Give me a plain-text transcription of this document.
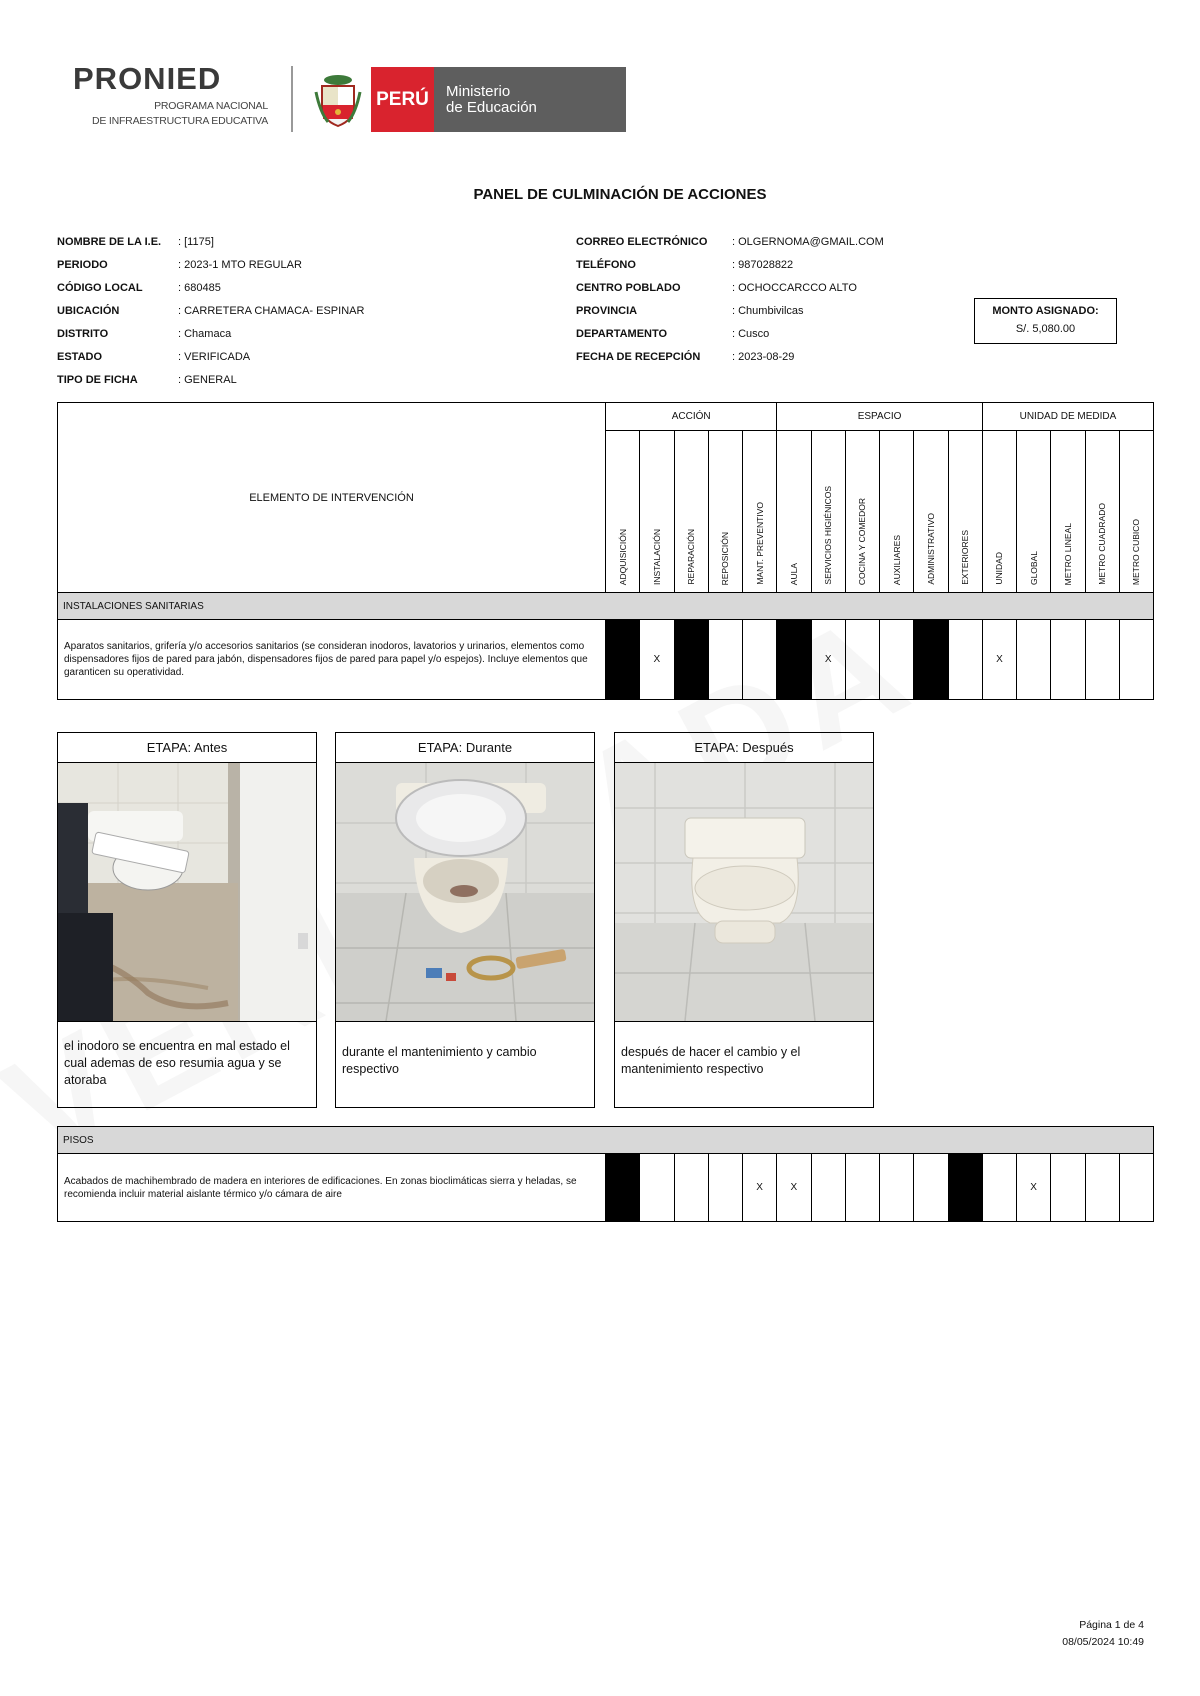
PRONIED
PROGRAMA NACIONAL
DE INFRAESTRUCTURA EDUCATIVA
PERÚ	Ministerio
de Educación
PANEL DE CULMINACIÓN DE ACCIONES
NOMBRE DE LA I.E. : [1175]
PERIODO	: 2023-1 MTO REGULAR
CÓDIGO LOCAL	: 680485
UBICACIÓN	: CARRETERA CHAMACA- ESPINAR
DISTRITO	: Chamaca
ESTADO	: VERIFICADA
TIPO DE FICHA	: GENERAL
CORREO ELECTRÓNICO : OLGERNOMA@GMAIL.COM
TELÉFONO	: 987028822
CENTRO POBLADO	: OCHOCCARCCO ALTO
PROVINCIA	: Chumbivilcas
DEPARTAMENTO	: Cusco
FECHA DE RECEPCIÓN	: 2023-08-29
MONTO ASIGNADO:
S/. 5,080.00
ELEMENTO DE INTERVENCIÓN	ACCIÓN					ESPACIO						UNIDAD DE MEDIDA				
	ADQUISICIÓN	INSTALACIÓN	REPARACIÓN	REPOSICIÓN	MANT. PREVENTIVO	AULA	SERVICIOS HIGIÉNICOS	COCINA Y COMEDOR	AUXILIARES	ADMINISTRATIVO	EXTERIORES	UNIDAD	GLOBAL	METRO LINEAL	METRO CUADRADO	METRO CUBICO
INSTALACIONES SANITARIAS																
Aparatos sanitarios, grifería y/o accesorios sanitarios (se consideran inodoros, lavatorios y urinarios, elementos como dispensadores fijos de pared para jabón, dispensadores fijos de pared para papel y/o espejos). Incluye elementos que garanticen su operatividad.		X					X					X				
ETAPA: Antes
el inodoro se encuentra en mal estado el cual ademas de eso resumia agua y se atoraba
ETAPA: Durante
durante el mantenimiento y cambio respectivo
ETAPA: Después
después de hacer el cambio y el mantenimiento respectivo
PISOS
Acabados de machihembrado de madera en interiores de edificaciones. En zonas bioclimáticas sierra y heladas, se recomienda incluir material aislante térmico y/o cámara de aire					X	X							X			
Página 1 de 4
08/05/2024 10:49
